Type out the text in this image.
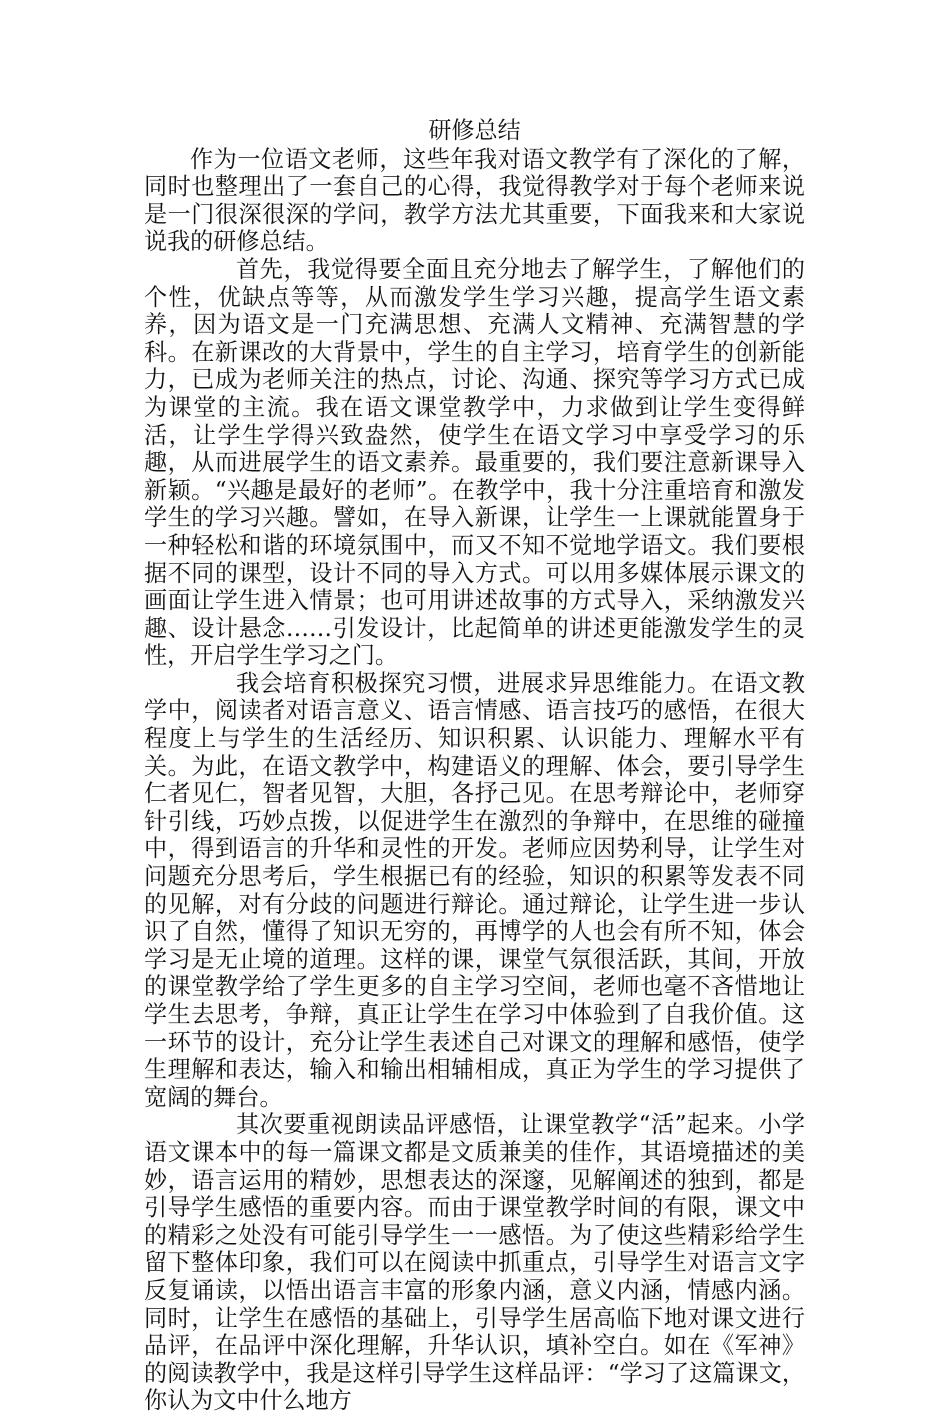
研修总结

作为一位语文老师，这些年我对语文教学有了深化的了解，同时也整理出了一套自己的心得，我觉得教学对于每个老师来说是一门很深很深的学问，教学方法尤其重要，下面我来和大家说说我的研修总结。

首先，我觉得要全面且充分地去了解学生，了解他们的个性，优缺点等等，从而激发学生学习兴趣，提高学生语文素养，因为语文是一门充满思想、充满人文精神、充满智慧的学科。在新课改的大背景中，学生的自主学习，培育学生的创新能力，已成为老师关注的热点，讨论、沟通、探究等学习方式已成为课堂的主流。我在语文课堂教学中，力求做到让学生变得鲜活，让学生学得兴致盎然，使学生在语文学习中享受学习的乐趣，从而进展学生的语文素养。最重要的，我们要注意新课导入新颖。“兴趣是最好的老师”。在教学中，我十分注重培育和激发学生的学习兴趣。譬如，在导入新课，让学生一上课就能置身于一种轻松和谐的环境氛围中，而又不知不觉地学语文。我们要根据不同的课型，设计不同的导入方式。可以用多媒体展示课文的画面让学生进入情景；也可用讲述故事的方式导入，采纳激发兴趣、设计悬念……引发设计，比起简单的讲述更能激发学生的灵性，开启学生学习之门。

我会培育积极探究习惯，进展求异思维能力。在语文教学中，阅读者对语言意义、语言情感、语言技巧的感悟，在很大程度上与学生的生活经历、知识积累、认识能力、理解水平有关。为此，在语文教学中，构建语义的理解、体会，要引导学生仁者见仁，智者见智，大胆，各抒己见。在思考辩论中，老师穿针引线，巧妙点拨，以促进学生在激烈的争辩中，在思维的碰撞中，得到语言的升华和灵性的开发。老师应因势利导，让学生对问题充分思考后，学生根据已有的经验，知识的积累等发表不同的见解，对有分歧的问题进行辩论。通过辩论，让学生进一步认识了自然，懂得了知识无穷的，再博学的人也会有所不知，体会学习是无止境的道理。这样的课，课堂气氛很活跃，其间，开放的课堂教学给了学生更多的自主学习空间，老师也毫不吝惜地让学生去思考，争辩，真正让学生在学习中体验到了自我价值。这一环节的设计，充分让学生表述自己对课文的理解和感悟，使学生理解和表达，输入和输出相辅相成，真正为学生的学习提供了宽阔的舞台。

其次要重视朗读品评感悟，让课堂教学“活”起来。小学语文课本中的每一篇课文都是文质兼美的佳作，其语境描述的美妙，语言运用的精妙，思想表达的深邃，见解阐述的独到，都是引导学生感悟的重要内容。而由于课堂教学时间的有限，课文中的精彩之处没有可能引导学生一一感悟。为了使这些精彩给学生留下整体印象，我们可以在阅读中抓重点，引导学生对语言文字反复诵读，以悟出语言丰富的形象内涵，意义内涵，情感内涵。同时，让学生在感悟的基础上，引导学生居高临下地对课文进行品评，在品评中深化理解，升华认识，填补空白。如在《军神》的阅读教学中，我是这样引导学生这样品评：“学习了这篇课文，你认为文中什么地方
